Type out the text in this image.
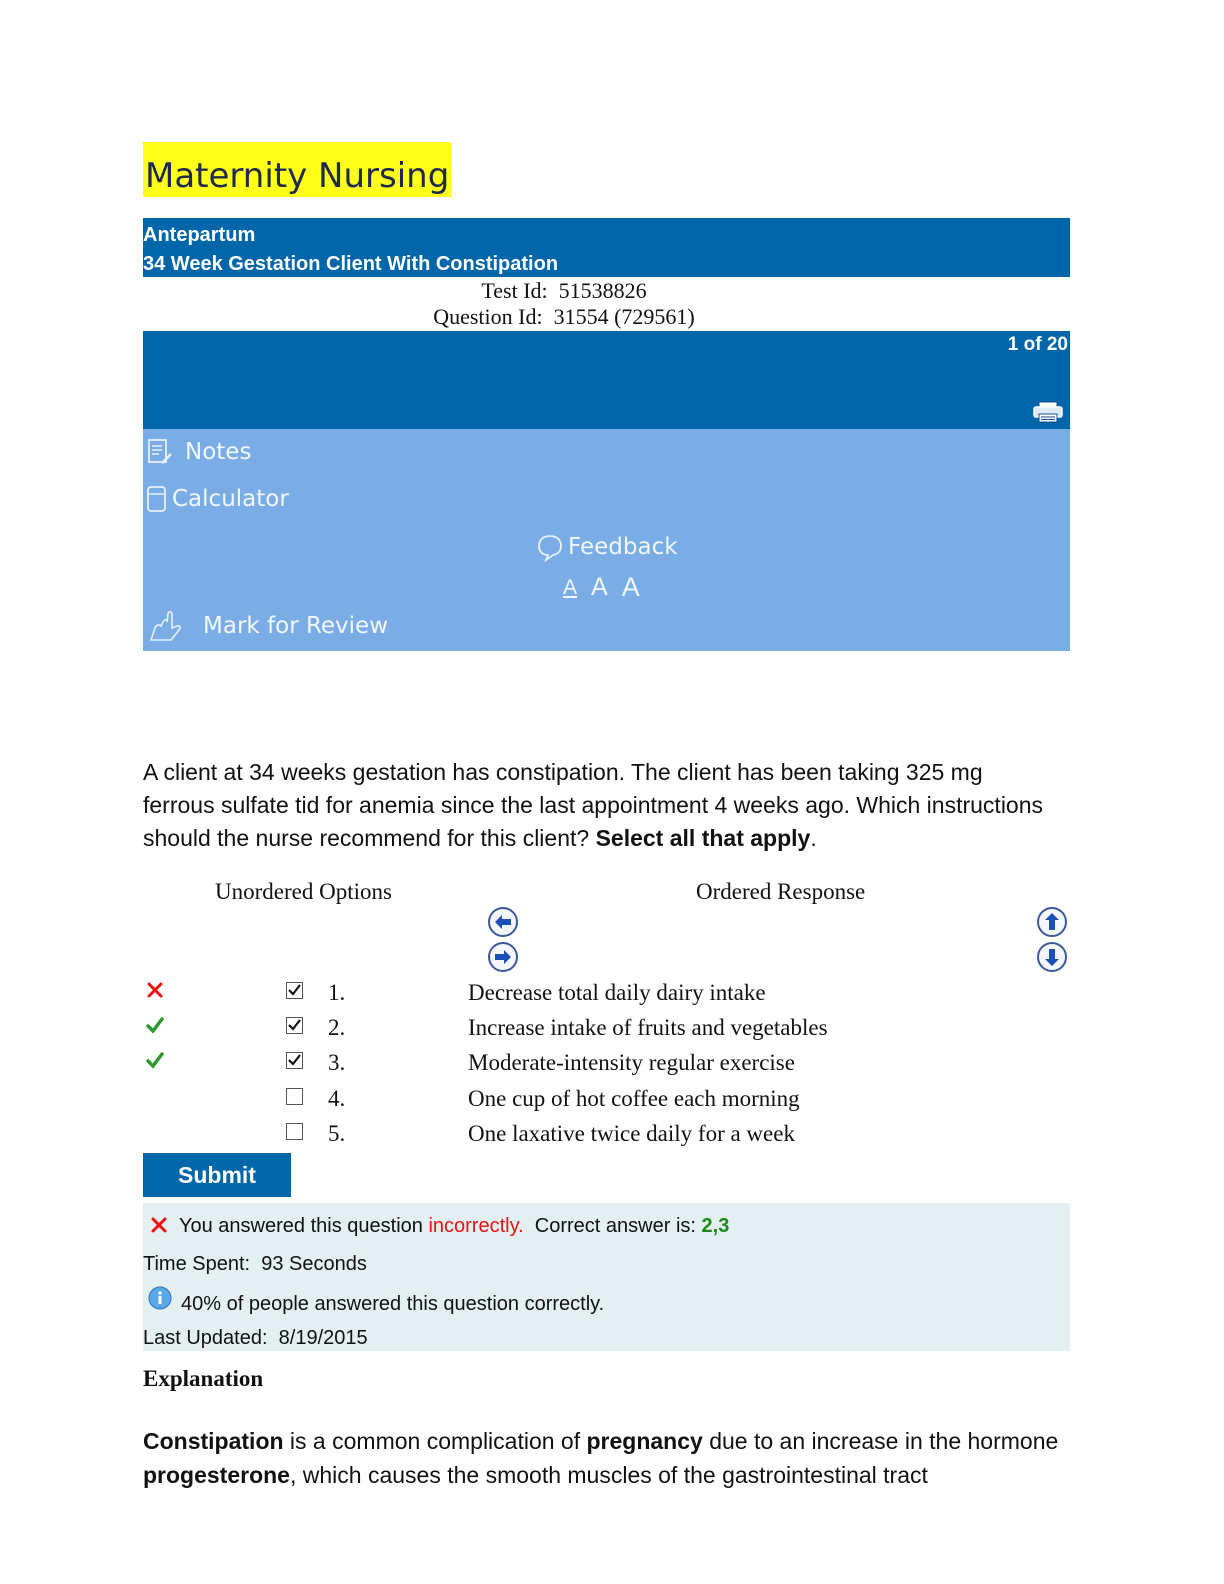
Maternity Nursing
Antepartum
34 Week Gestation Client With Constipation
Test Id: 51538826
Question Id: 31554 (729561)
1 of 20
Notes
Calculator
Feedback
A A A
Mark for Review
A client at 34 weeks gestation has constipation. The client has been taking 325 mg ferrous sulfate tid for anemia since the last appointment 4 weeks ago. Which instructions should the nurse recommend for this client? Select all that apply.
Unordered Options	Ordered Response
1.	Decrease total daily dairy intake
2.	Increase intake of fruits and vegetables
3.	Moderate-intensity regular exercise
4.	One cup of hot coffee each morning
5.	One laxative twice daily for a week
Submit
You answered this question incorrectly. Correct answer is: 2,3
Time Spent: 93 Seconds
40% of people answered this question correctly.
Last Updated: 8/19/2015
Explanation
Constipation is a common complication of pregnancy due to an increase in the hormone progesterone, which causes the smooth muscles of the gastrointestinal tract
